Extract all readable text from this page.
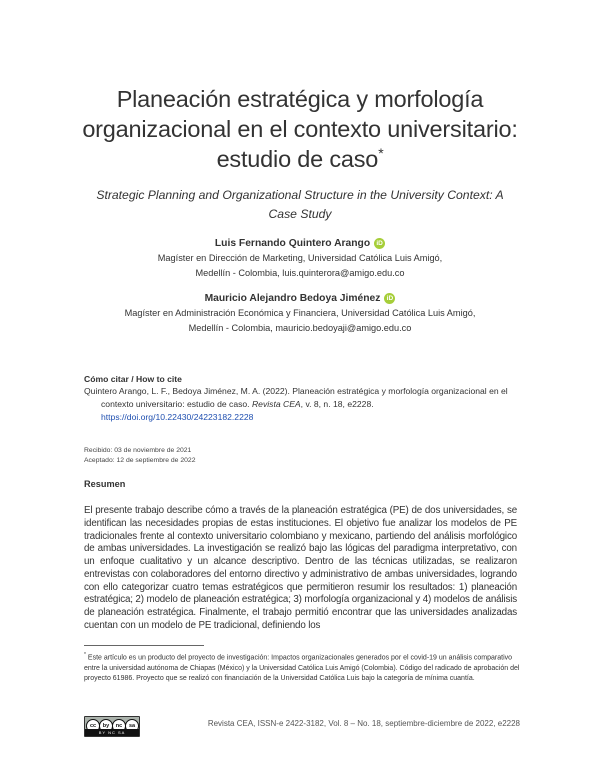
Planeación estratégica y morfología
organizacional en el contexto universitario:
estudio de caso*
Strategic Planning and Organizational Structure in the University Context: A
Case Study
Luis Fernando Quintero Arango iD
Magíster en Dirección de Marketing, Universidad Católica Luis Amigó,
Medellín - Colombia, luis.quinterora@amigo.edu.co
Mauricio Alejandro Bedoya Jiménez iD
Magíster en Administración Económica y Financiera, Universidad Católica Luis Amigó,
Medellín - Colombia, mauricio.bedoyaji@amigo.edu.co
Cómo citar / How to cite
Quintero Arango, L. F., Bedoya Jiménez, M. A. (2022). Planeación estratégica y morfología organizacional en el
contexto universitario: estudio de caso. Revista CEA, v. 8, n. 18, e2228.
https://doi.org/10.22430/24223182.2228
Recibido: 03 de noviembre de 2021
Aceptado: 12 de septiembre de 2022
Resumen
El presente trabajo describe cómo a través de la planeación estratégica (PE) de dos universidades, se identifican las necesidades propias de estas instituciones. El objetivo fue analizar los modelos de PE tradicionales frente al contexto universitario colombiano y mexicano, partiendo del análisis morfológico de ambas universidades. La investigación se realizó bajo las lógicas del paradigma interpretativo, con un enfoque cualitativo y un alcance descriptivo. Dentro de las técnicas utilizadas, se realizaron entrevistas con colaboradores del entorno directivo y administrativo de ambas universidades, logrando con ello categorizar cuatro temas estratégicos que permitieron resumir los resultados: 1) planeación estratégica; 2) modelo de planeación estratégica; 3) morfología organizacional y 4) modelos de análisis de planeación estratégica. Finalmente, el trabajo permitió encontrar que las universidades analizadas cuentan con un modelo de PE tradicional, definiendo los
* Este artículo es un producto del proyecto de investigación: Impactos organizacionales generados por el covid-19 un análisis comparativo entre la universidad autónoma de Chiapas (México) y la Universidad Católica Luis Amigó (Colombia). Código del radicado de aprobación del proyecto 61986. Proyecto que se realizó con financiación de la Universidad Católica Luis bajo la categoría de mínima cuantía.
cc	by	nc	sa
BY NC SA
Revista CEA, ISSN-e 2422-3182, Vol. 8 – No. 18, septiembre-diciembre de 2022, e2228
